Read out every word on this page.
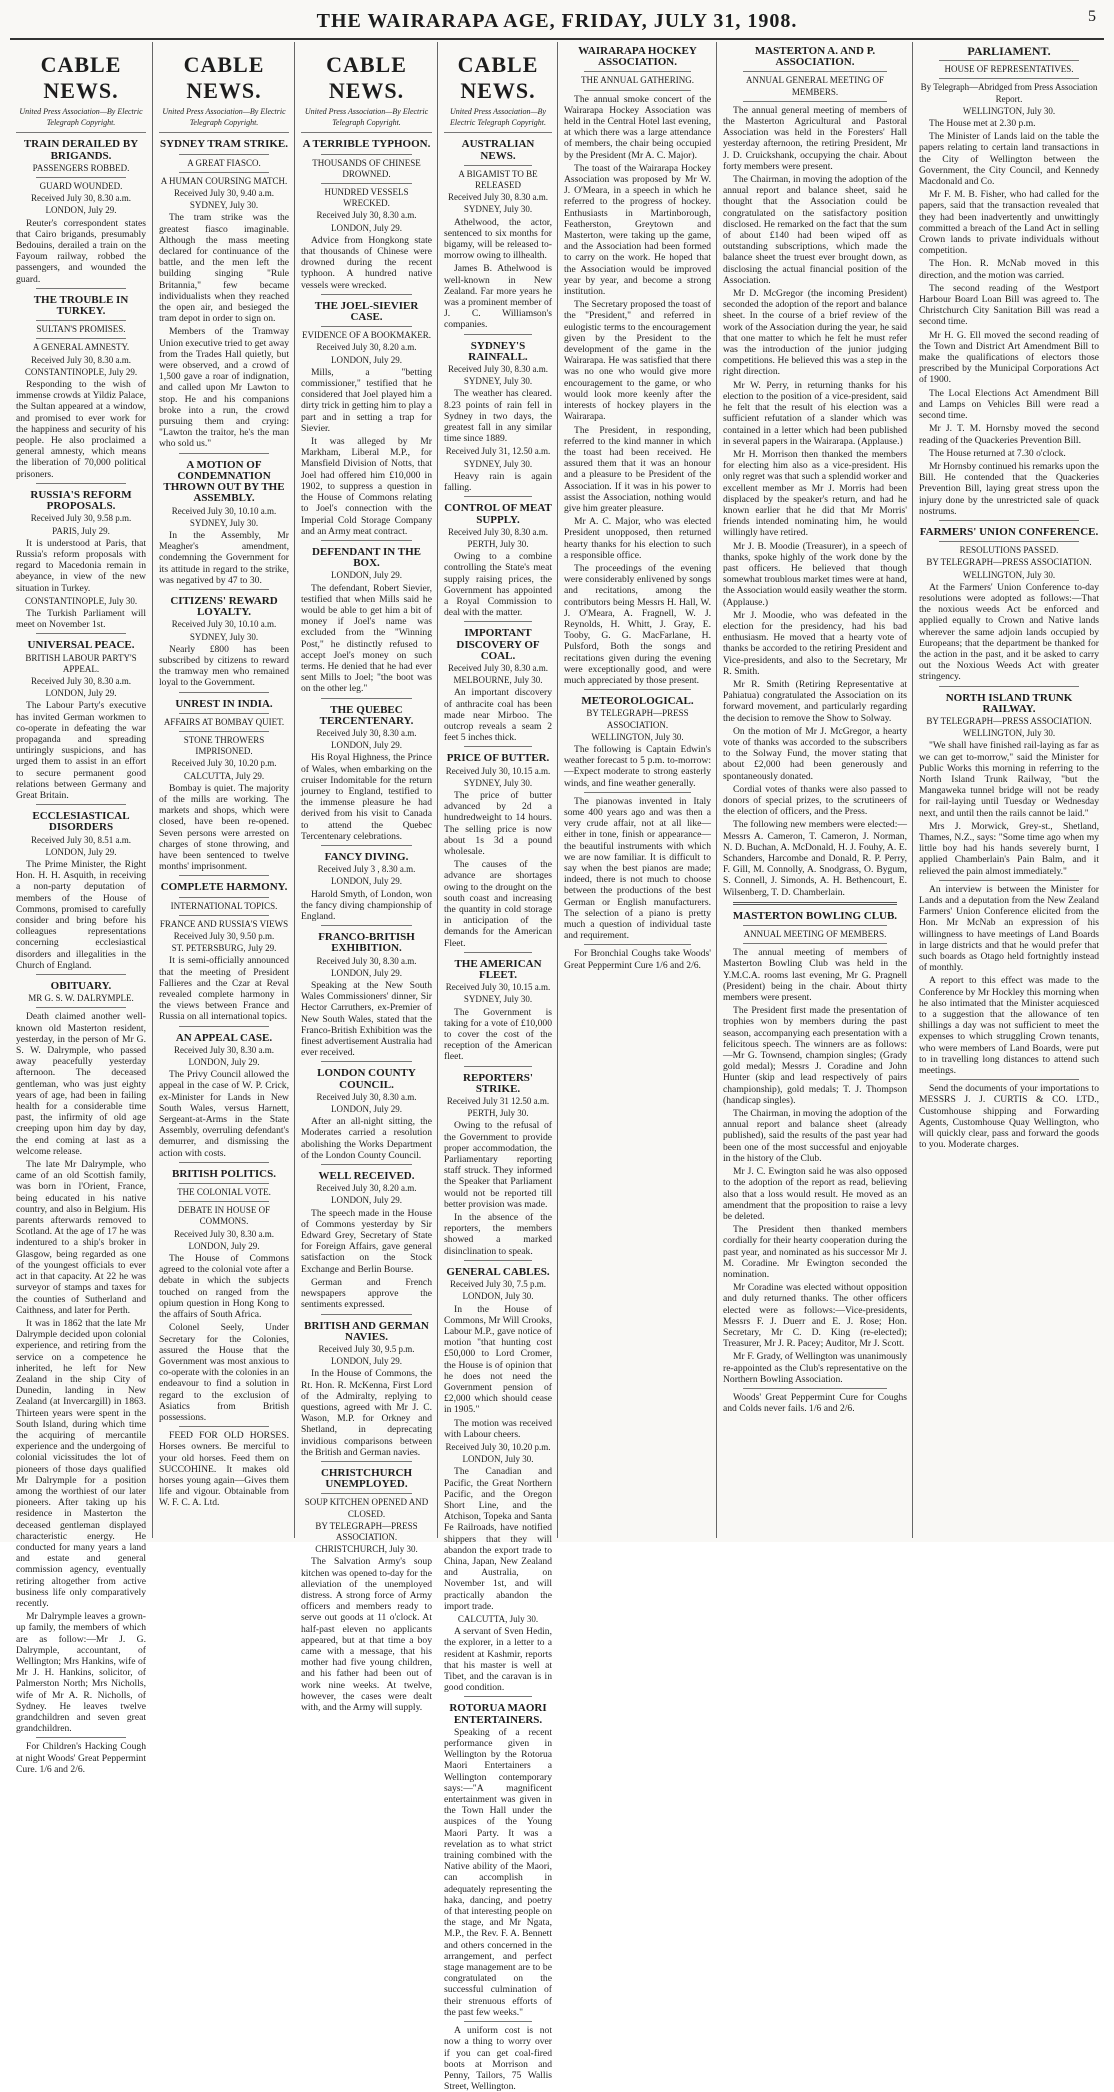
THE WAIRARAPA AGE, FRIDAY, JULY 31, 1908.	5
CABLE NEWS.
United Press Association—By Electric Telegraph Copyright.
TRAIN DERAILED BY BRIGANDS.
PASSENGERS ROBBED.
GUARD WOUNDED.
Received July 30, 8.30 a.m.
LONDON, July 29.

Reuter's correspondent states that Cairo brigands, presumably Bedouins, derailed a train on the Fayoum railway, robbed the passengers, and wounded the guard.

THE TROUBLE IN TURKEY.
SULTAN'S PROMISES.
A GENERAL AMNESTY.
Received July 30, 8.30 a.m.
CONSTANTINOPLE, July 29.

Responding to the wish of immense crowds at Yildiz Palace, the Sultan appeared at a window, and promised to ever work for the happiness and security of his people. He also proclaimed a general amnesty, which means the liberation of 70,000 political prisoners.

RUSSIA'S REFORM PROPOSALS.
Received July 30, 9.58 p.m.
PARIS, July 29.

It is understood at Paris, that Russia's reform proposals with regard to Macedonia remain in abeyance, in view of the new situation in Turkey.

CONSTANTINOPLE, July 30.

The Turkish Parliament will meet on November 1st.

UNIVERSAL PEACE.
BRITISH LABOUR PARTY'S APPEAL.
Received July 30, 8.30 a.m.
LONDON, July 29.

The Labour Party's executive has invited German workmen to co-operate in defeating the war propaganda and spreading untiringly suspicions, and has urged them to assist in an effort to secure permanent good relations between Germany and Great Britain.

ECCLESIASTICAL DISORDERS
Received July 30, 8.51 a.m.
LONDON, July 29.

The Prime Minister, the Right Hon. H. H. Asquith, in receiving a non-party deputation of members of the House of Commons, promised to carefully consider and bring before his colleagues representations concerning ecclesiastical disorders and illegalities in the Church of England.

OBITUARY.
MR G. S. W. DALRYMPLE.

Death claimed another well-known old Masterton resident, yesterday, in the person of Mr G. S. W. Dalrymple, who passed away peacefully yesterday afternoon. The deceased gentleman, who was just eighty years of age, had been in failing health for a considerable time past, the infirmity of old age creeping upon him day by day, the end coming at last as a welcome release.

The late Mr Dalrymple, who came of an old Scottish family, was born in l'Orient, France, being educated in his native country, and also in Belgium. His parents afterwards removed to Scotland. At the age of 17 he was indentured to a ship's broker in Glasgow, being regarded as one of the youngest officials to ever act in that capacity. At 22 he was surveyor of stamps and taxes for the counties of Sutherland and Caithness, and later for Perth.

It was in 1862 that the late Mr Dalrymple decided upon colonial experience, and retiring from the service on a competence he inherited, he left for New Zealand in the ship City of Dunedin, landing in New Zealand (at Invercargill) in 1863. Thirteen years were spent in the South Island, during which time the acquiring of mercantile experience and the undergoing of colonial vicissitudes the lot of pioneers of those days qualified Mr Dalrymple for a position among the worthiest of our later pioneers. After taking up his residence in Masterton the deceased gentleman displayed characteristic energy. He conducted for many years a land and estate and general commission agency, eventually retiring altogether from active business life only comparatively recently.

Mr Dalrymple leaves a grown-up family, the members of which are as follow:—Mr J. G. Dalrymple, accountant, of Wellington; Mrs Hankins, wife of Mr J. H. Hankins, solicitor, of Palmerston North; Mrs Nicholls, wife of Mr A. R. Nicholls, of Sydney. He leaves twelve grandchildren and seven great grandchildren.

For Children's Hacking Cough at night Woods' Great Peppermint Cure. 1/6 and 2/6.

CABLE NEWS.
United Press Association—By Electric Telegraph Copyright.
SYDNEY TRAM STRIKE.
A GREAT FIASCO.
A HUMAN COURSING MATCH.
Received July 30, 9.40 a.m.
SYDNEY, July 30.

The tram strike was the greatest fiasco imaginable. Although the mass meeting declared for continuance of the battle, and the men left the building singing "Rule Britannia," few became individualists when they reached the open air, and besieged the tram depot in order to sign on.

Members of the Tramway Union executive tried to get away from the Trades Hall quietly, but were observed, and a crowd of 1,500 gave a roar of indignation, and called upon Mr Lawton to stop. He and his companions broke into a run, the crowd pursuing them and crying: "Lawton the traitor, he's the man who sold us."

A MOTION OF CONDEMNATION THROWN OUT BY THE ASSEMBLY.
Received July 30, 10.10 a.m.
SYDNEY, July 30.

In the Assembly, Mr Meagher's amendment, condemning the Government for its attitude in regard to the strike, was negatived by 47 to 30.

CITIZENS' REWARD LOYALTY.
Received July 30, 10.10 a.m.
SYDNEY, July 30.

Nearly £800 has been subscribed by citizens to reward the tramway men who remained loyal to the Government.

UNREST IN INDIA.
AFFAIRS AT BOMBAY QUIET.
STONE THROWERS IMPRISONED.
Received July 30, 10.20 p.m.
CALCUTTA, July 29.

Bombay is quiet. The majority of the mills are working. The markets and shops, which were closed, have been re-opened. Seven persons were arrested on charges of stone throwing, and have been sentenced to twelve months' imprisonment.

COMPLETE HARMONY.
INTERNATIONAL TOPICS.
FRANCE AND RUSSIA'S VIEWS
Received July 30, 9.50 p.m.
ST. PETERSBURG, July 29.

It is semi-officially announced that the meeting of President Fallieres and the Czar at Reval revealed complete harmony in the views between France and Russia on all international topics.

AN APPEAL CASE.
Received July 30, 8.30 a.m.
LONDON, July 29.

The Privy Council allowed the appeal in the case of W. P. Crick, ex-Minister for Lands in New South Wales, versus Harnett, Sergeant-at-Arms in the State Assembly, overruling defendant's demurrer, and dismissing the action with costs.

BRITISH POLITICS.
THE COLONIAL VOTE.
DEBATE IN HOUSE OF COMMONS.
Received July 30, 8.30 a.m.
LONDON, July 29.

The House of Commons agreed to the colonial vote after a debate in which the subjects touched on ranged from the opium question in Hong Kong to the affairs of South Africa.

Colonel Seely, Under Secretary for the Colonies, assured the House that the Government was most anxious to co-operate with the colonies in an endeavour to find a solution in regard to the exclusion of Asiatics from British possessions.

FEED FOR OLD HORSES. Horses owners. Be merciful to your old horses. Feed them on SUCCOHINE. It makes old horses young again—Gives them life and vigour. Obtainable from W. F. C. A. Ltd.

CABLE NEWS.
United Press Association—By Electric Telegraph Copyright.
A TERRIBLE TYPHOON.
THOUSANDS OF CHINESE DROWNED.
HUNDRED VESSELS WRECKED.
Received July 30, 8.30 a.m.
LONDON, July 29.

Advice from Hongkong state that thousands of Chinese were drowned during the recent typhoon. A hundred native vessels were wrecked.

THE JOEL-SIEVIER CASE.
EVIDENCE OF A BOOKMAKER.
Received July 30, 8.20 a.m.
LONDON, July 29.

Mills, a "betting commissioner," testified that he considered that Joel played him a dirty trick in getting him to play a part and in setting a trap for Sievier.

It was alleged by Mr Markham, Liberal M.P., for Mansfield Division of Notts, that Joel had offered him £10,000 in 1902, to suppress a question in the House of Commons relating to Joel's connection with the Imperial Cold Storage Company and an Army meat contract.

DEFENDANT IN THE BOX.
LONDON, July 29.

The defendant, Robert Sievier, testified that when Mills said he would be able to get him a bit of money if Joel's name was excluded from the "Winning Post," he distinctly refused to accept Joel's money on such terms. He denied that he had ever sent Mills to Joel; "the boot was on the other leg."

THE QUEBEC TERCENTENARY.
Received July 30, 8.30 a.m.
LONDON, July 29.

His Royal Highness, the Prince of Wales, when embarking on the cruiser Indomitable for the return journey to England, testified to the immense pleasure he had derived from his visit to Canada to attend the Quebec Tercentenary celebrations.

FANCY DIVING.
Received July 3 , 8.30 a.m.
LONDON, July 29.

Harold Smyth, of London, won the fancy diving championship of England.

FRANCO-BRITISH EXHIBITION.
Received July 30, 8.30 a.m.
LONDON, July 29.

Speaking at the New South Wales Commissioners' dinner, Sir Hector Carruthers, ex-Premier of New South Wales, stated that the Franco-British Exhibition was the finest advertisement Australia had ever received.

LONDON COUNTY COUNCIL.
Received July 30, 8.30 a.m.
LONDON, July 29.

After an all-night sitting, the Moderates carried a resolution abolishing the Works Department of the London County Council.

WELL RECEIVED.
Received July 30, 8.20 a.m.
LONDON, July 29.

The speech made in the House of Commons yesterday by Sir Edward Grey, Secretary of State for Foreign Affairs, gave general satisfaction on the Stock Exchange and Berlin Bourse.

German and French newspapers approve the sentiments expressed.

BRITISH AND GERMAN NAVIES.
Received July 30, 9.5 p.m.
LONDON, July 29.

In the House of Commons, the Rt. Hon. R. McKenna, First Lord of the Admiralty, replying to questions, agreed with Mr J. C. Wason, M.P. for Orkney and Shetland, in deprecating invidious comparisons between the British and German navies.

CHRISTCHURCH UNEMPLOYED.
SOUP KITCHEN OPENED AND CLOSED.
BY TELEGRAPH—PRESS ASSOCIATION.
CHRISTCHURCH, July 30.

The Salvation Army's soup kitchen was opened to-day for the alleviation of the unemployed distress. A strong force of Army officers and members ready to serve out goods at 11 o'clock. At half-past eleven no applicants appeared, but at that time a boy came with a message, that his mother had five young children, and his father had been out of work nine weeks. At twelve, however, the cases were dealt with, and the Army will supply.

CABLE NEWS.
United Press Association—By Electric Telegraph Copyright.
AUSTRALIAN NEWS.
A BIGAMIST TO BE RELEASED
Received July 30, 8.30 a.m.
SYDNEY, July 30.

Athelwood, the actor, sentenced to six months for bigamy, will be released to-morrow owing to illhealth.

James B. Athelwood is well-known in New Zealand. Far more years he was a prominent member of J. C. Williamson's companies.

SYDNEY'S RAINFALL.
Received July 30, 8.30 a.m.
SYDNEY, July 30.

The weather has cleared. 8.23 points of rain fell in Sydney in two days, the greatest fall in any similar time since 1889.

Received July 31, 12.50 a.m.
SYDNEY, July 30.

Heavy rain is again falling.

CONTROL OF MEAT SUPPLY.
Received July 30, 8.30 a.m.
PERTH, July 30.

Owing to a combine controlling the State's meat supply raising prices, the Government has appointed a Royal Commission to deal with the matter.

IMPORTANT DISCOVERY OF COAL.
Received July 30, 8.30 a.m.
MELBOURNE, July 30.

An important discovery of anthracite coal has been made near Mirboo. The outcrop reveals a seam 2 feet 5 inches thick.

PRICE OF BUTTER.
Received July 30, 10.15 a.m.
SYDNEY, July 30.

The price of butter advanced by 2d a hundredweight to 14 hours. The selling price is now about 1s 3d a pound wholesale.

The causes of the advance are shortages owing to the drought on the south coast and increasing the quantity in cold storage in anticipation of the demands for the American Fleet.

THE AMERICAN FLEET.
Received July 30, 10.15 a.m.
SYDNEY, July 30.

The Government is taking for a vote of £10,000 to cover the cost of the reception of the American fleet.

REPORTERS' STRIKE.
Received July 31 12.50 a.m.
PERTH, July 30.

Owing to the refusal of the Government to provide proper accommodation, the Parliamentary reporting staff struck. They informed the Speaker that Parliament would not be reported till better provision was made.

In the absence of the reporters, the members showed a marked disinclination to speak.

GENERAL CABLES.
Received July 30, 7.5 p.m.
LONDON, July 30.

In the House of Commons, Mr Will Crooks, Labour M.P., gave notice of motion "that hunting cost £50,000 to Lord Cromer, the House is of opinion that he does not need the Government pension of £2,000 which should cease in 1905."

The motion was received with Labour cheers.

Received July 30, 10.20 p.m.
LONDON, July 30.

The Canadian and Pacific, the Great Northern Pacific, and the Oregon Short Line, and the Atchison, Topeka and Santa Fe Railroads, have notified shippers that they will abandon the export trade to China, Japan, New Zealand and Australia, on November 1st, and will practically abandon the import trade.

CALCUTTA, July 30.

A servant of Sven Hedin, the explorer, in a letter to a resident at Kashmir, reports that his master is well at Tibet, and the caravan is in good condition.

ROTORUA MAORI ENTERTAINERS.

Speaking of a recent performance given in Wellington by the Rotorua Maori Entertainers a Wellington contemporary says:—"A magnificent entertainment was given in the Town Hall under the auspices of the Young Maori Party. It was a revelation as to what strict training combined with the Native ability of the Maori, can accomplish in adequately representing the haka, dancing, and poetry of that interesting people on the stage, and Mr Ngata, M.P., the Rev. F. A. Bennett and others concerned in the arrangement, and perfect stage management are to be congratulated on the successful culmination of their strenuous efforts of the past few weeks."

A uniform cost is not now a thing to worry over if you can get coal-fired boots at Morrison and Penny, Tailors, 75 Wallis Street, Wellington.

WAIRARAPA HOCKEY ASSOCIATION.
THE ANNUAL GATHERING.

The annual smoke concert of the Wairarapa Hockey Association was held in the Central Hotel last evening, at which there was a large attendance of members, the chair being occupied by the President (Mr A. C. Major).

The toast of the Wairarapa Hockey Association was proposed by Mr W. J. O'Meara, in a speech in which he referred to the progress of hockey. Enthusiasts in Martinborough, Featherston, Greytown and Masterton, were taking up the game, and the Association had been formed to carry on the work. He hoped that the Association would be improved year by year, and become a strong institution.

The Secretary proposed the toast of the "President," and referred in eulogistic terms to the encouragement given by the President to the development of the game in the Wairarapa. He was satisfied that there was no one who would give more encouragement to the game, or who would look more keenly after the interests of hockey players in the Wairarapa.

The President, in responding, referred to the kind manner in which the toast had been received. He assured them that it was an honour and a pleasure to be President of the Association. If it was in his power to assist the Association, nothing would give him greater pleasure.

Mr A. C. Major, who was elected President unopposed, then returned hearty thanks for his election to such a responsible office.

The proceedings of the evening were considerably enlivened by songs and recitations, among the contributors being Messrs H. Hall, W. J. O'Meara, A. Fragnell, W. J. Reynolds, H. Whitt, J. Gray, E. Tooby, G. G. MacFarlane, H. Pulsford, Both the songs and recitations given during the evening were exceptionally good, and were much appreciated by those present.

METEOROLOGICAL.
BY TELEGRAPH—PRESS ASSOCIATION.
WELLINGTON, July 30.

The following is Captain Edwin's weather forecast to 5 p.m. to-morrow:—Expect moderate to strong easterly winds, and fine weather generally.

The pianowas invented in Italy some 400 years ago and was then a very crude affair, not at all like—either in tone, finish or appearance—the beautiful instruments with which we are now familiar. It is difficult to say when the best pianos are made; indeed, there is not much to choose between the productions of the best German or English manufacturers. The selection of a piano is pretty much a question of individual taste and requirement.

For Bronchial Coughs take Woods' Great Peppermint Cure 1/6 and 2/6.

MASTERTON A. AND P. ASSOCIATION.
ANNUAL GENERAL MEETING OF MEMBERS.

The annual general meeting of members of the Masterton Agricultural and Pastoral Association was held in the Foresters' Hall yesterday afternoon, the retiring President, Mr J. D. Cruickshank, occupying the chair. About forty members were present.

The Chairman, in moving the adoption of the annual report and balance sheet, said he thought that the Association could be congratulated on the satisfactory position disclosed. He remarked on the fact that the sum of about £140 had been wiped off as outstanding subscriptions, which made the balance sheet the truest ever brought down, as disclosing the actual financial position of the Association.

Mr D. McGregor (the incoming President) seconded the adoption of the report and balance sheet. In the course of a brief review of the work of the Association during the year, he said that one matter to which he felt he must refer was the introduction of the junior judging competitions. He believed this was a step in the right direction.

Mr W. Perry, in returning thanks for his election to the position of a vice-president, said he felt that the result of his election was a sufficient refutation of a slander which was contained in a letter which had been published in several papers in the Wairarapa. (Applause.)

Mr H. Morrison then thanked the members for electing him also as a vice-president. His only regret was that such a splendid worker and excellent member as Mr J. Morris had been displaced by the speaker's return, and had he known earlier that he did that Mr Morris' friends intended nominating him, he would willingly have retired.

Mr J. B. Moodie (Treasurer), in a speech of thanks, spoke highly of the work done by the past officers. He believed that though somewhat troublous market times were at hand, the Association would easily weather the storm. (Applause.)

Mr J. Moodie, who was defeated in the election for the presidency, had his bad enthusiasm. He moved that a hearty vote of thanks be accorded to the retiring President and Vice-presidents, and also to the Secretary, Mr R. Smith.

Mr R. Smith (Retiring Representative at Pahiatua) congratulated the Association on its forward movement, and particularly regarding the decision to remove the Show to Solway.

On the motion of Mr J. McGregor, a hearty vote of thanks was accorded to the subscribers to the Solway Fund, the mover stating that about £2,000 had been generously and spontaneously donated.

Cordial votes of thanks were also passed to donors of special prizes, to the scrutineers of the election of officers, and the Press.

The following new members were elected:—Messrs A. Cameron, T. Cameron, J. Norman, N. D. Buchan, A. McDonald, H. J. Fouhy, A. E. Schanders, Harcombe and Donald, R. P. Perry, F. Gill, M. Connolly, A. Snodgrass, O. Bygum, S. Connell, J. Simonds, A. H. Bethencourt, E. Wilsenberg, T. D. Chamberlain.

MASTERTON BOWLING CLUB.
ANNUAL MEETING OF MEMBERS.

The annual meeting of members of Masterton Bowling Club was held in the Y.M.C.A. rooms last evening, Mr G. Pragnell (President) being in the chair. About thirty members were present.

The President first made the presentation of trophies won by members during the past season, accompanying each presentation with a felicitous speech. The winners are as follows:—Mr G. Townsend, champion singles; (Grady gold medal); Messrs J. Coradine and John Hunter (skip and lead respectively of pairs championship), gold medals; T. J. Thompson (handicap singles).

The Chairman, in moving the adoption of the annual report and balance sheet (already published), said the results of the past year had been one of the most successful and enjoyable in the history of the Club.

Mr J. C. Ewington said he was also opposed to the adoption of the report as read, believing also that a loss would result. He moved as an amendment that the proposition to raise a levy be deleted.

The President then thanked members cordially for their hearty cooperation during the past year, and nominated as his successor Mr J. M. Coradine. Mr Ewington seconded the nomination.

Mr Coradine was elected without opposition and duly returned thanks. The other officers elected were as follows:—Vice-presidents, Messrs F. J. Duerr and E. J. Rose; Hon. Secretary, Mr C. D. King (re-elected); Treasurer, Mr J. R. Pacey; Auditor, Mr J. Scott.

Mr F. Grady, of Wellington was unanimously re-appointed as the Club's representative on the Northern Bowling Association.

Woods' Great Peppermint Cure for Coughs and Colds never fails. 1/6 and 2/6.

PARLIAMENT.
HOUSE OF REPRESENTATIVES.
By Telegraph—Abridged from Press Association Report.
WELLINGTON, July 30.

The House met at 2.30 p.m.

The Minister of Lands laid on the table the papers relating to certain land transactions in the City of Wellington between the Government, the City Council, and Kennedy Macdonald and Co.

Mr F. M. B. Fisher, who had called for the papers, said that the transaction revealed that they had been inadvertently and unwittingly committed a breach of the Land Act in selling Crown lands to private individuals without competition.

The Hon. R. McNab moved in this direction, and the motion was carried.

The second reading of the Westport Harbour Board Loan Bill was agreed to. The Christchurch City Sanitation Bill was read a second time.

Mr H. G. Ell moved the second reading of the Town and District Art Amendment Bill to make the qualifications of electors those prescribed by the Municipal Corporations Act of 1900.

The Local Elections Act Amendment Bill and Lamps on Vehicles Bill were read a second time.

Mr J. T. M. Hornsby moved the second reading of the Quackeries Prevention Bill.

The House returned at 7.30 o'clock.

Mr Hornsby continued his remarks upon the Bill. He contended that the Quackeries Prevention Bill, laying great stress upon the injury done by the unrestricted sale of quack nostrums.

FARMERS' UNION CONFERENCE.
RESOLUTIONS PASSED.
BY TELEGRAPH—PRESS ASSOCIATION.
WELLINGTON, July 30.

At the Farmers' Union Conference to-day resolutions were adopted as follows:—That the noxious weeds Act be enforced and applied equally to Crown and Native lands wherever the same adjoin lands occupied by Europeans; that the department be thanked for the action in the past, and it be asked to carry out the Noxious Weeds Act with greater stringency.

NORTH ISLAND TRUNK RAILWAY.
BY TELEGRAPH—PRESS ASSOCIATION.
WELLINGTON, July 30.

"We shall have finished rail-laying as far as we can get to-morrow," said the Minister for Public Works this morning in referring to the North Island Trunk Railway, "but the Mangaweka tunnel bridge will not be ready for rail-laying until Tuesday or Wednesday next, and until then the rails cannot be laid."

Mrs J. Morwick, Grey-st., Shetland, Thames, N.Z., says: "Some time ago when my little boy had his hands severely burnt, I applied Chamberlain's Pain Balm, and it relieved the pain almost immediately."

An interview is between the Minister for Lands and a deputation from the New Zealand Farmers' Union Conference elicited from the Hon. Mr McNab an expression of his willingness to have meetings of Land Boards in large districts and that he would prefer that such boards as Otago held fortnightly instead of monthly.

A report to this effect was made to the Conference by Mr Hockley this morning when he also intimated that the Minister acquiesced to a suggestion that the allowance of ten shillings a day was not sufficient to meet the expenses to which struggling Crown tenants, who were members of Land Boards, were put to in travelling long distances to attend such meetings.

Send the documents of your importations to MESSRS J. J. CURTIS & CO. LTD., Customhouse shipping and Forwarding Agents, Customhouse Quay Wellington, who will quickly clear, pass and forward the goods to you. Moderate charges.
